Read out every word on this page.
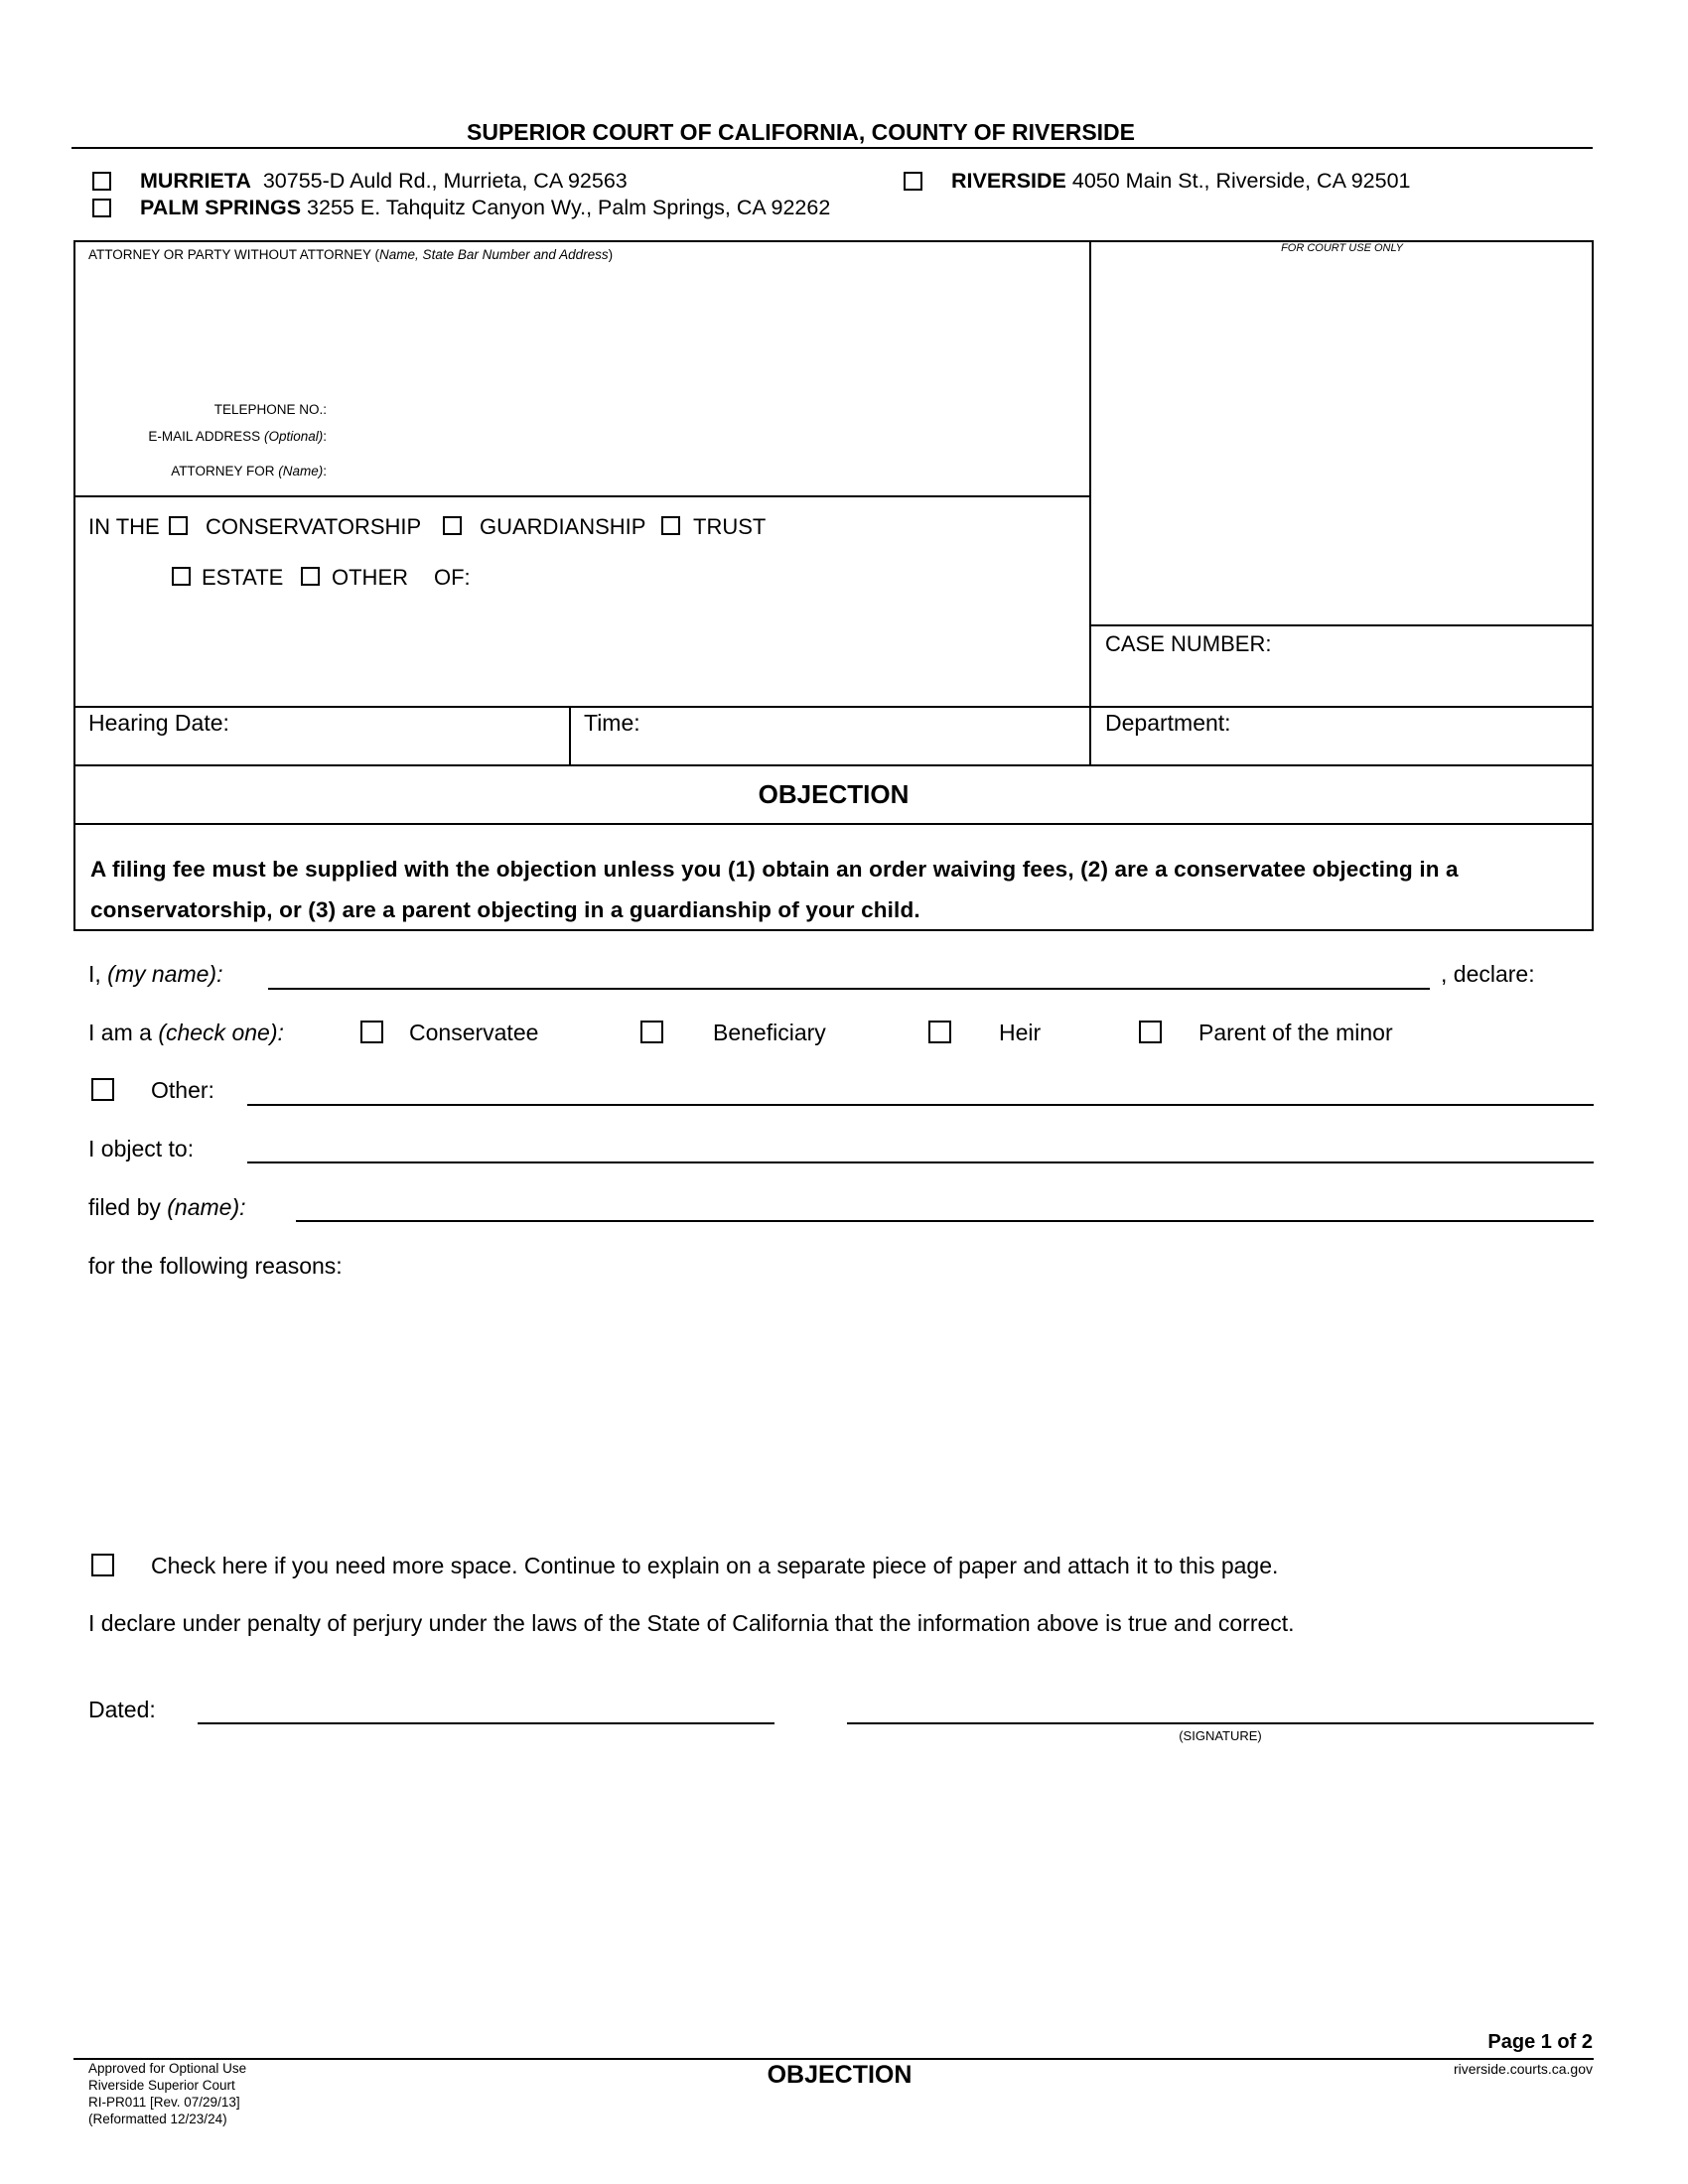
SUPERIOR COURT OF CALIFORNIA, COUNTY OF RIVERSIDE
MURRIETA 30755-D Auld Rd., Murrieta, CA 92563
PALM SPRINGS 3255 E. Tahquitz Canyon Wy., Palm Springs, CA 92262
RIVERSIDE 4050 Main St., Riverside, CA 92501
ATTORNEY OR PARTY WITHOUT ATTORNEY (Name, State Bar Number and Address)
TELEPHONE NO.:
E-MAIL ADDRESS (Optional):
ATTORNEY FOR (Name):
FOR COURT USE ONLY
CASE NUMBER:
IN THE CONSERVATORSHIP	GUARDIANSHIP TRUST
ESTATE OTHER OF:
Hearing Date:	Time:	Department:
OBJECTION
A filing fee must be supplied with the objection unless you (1) obtain an order waiving fees, (2) are a conservatee objecting in a conservatorship, or (3) are a parent objecting in a guardianship of your child.
I, (my name):	, declare:
I am a (check one):	Conservatee	Beneficiary	Heir	Parent of the minor
Other:
I object to:
filed by (name):
for the following reasons:
Check here if you need more space. Continue to explain on a separate piece of paper and attach it to this page.
I declare under penalty of perjury under the laws of the State of California that the information above is true and correct.
Dated:
(SIGNATURE)
Page 1 of 2
Approved for Optional Use
Riverside Superior Court
RI-PR011 [Rev. 07/29/13]
(Reformatted 12/23/24)
OBJECTION	riverside.courts.ca.gov
